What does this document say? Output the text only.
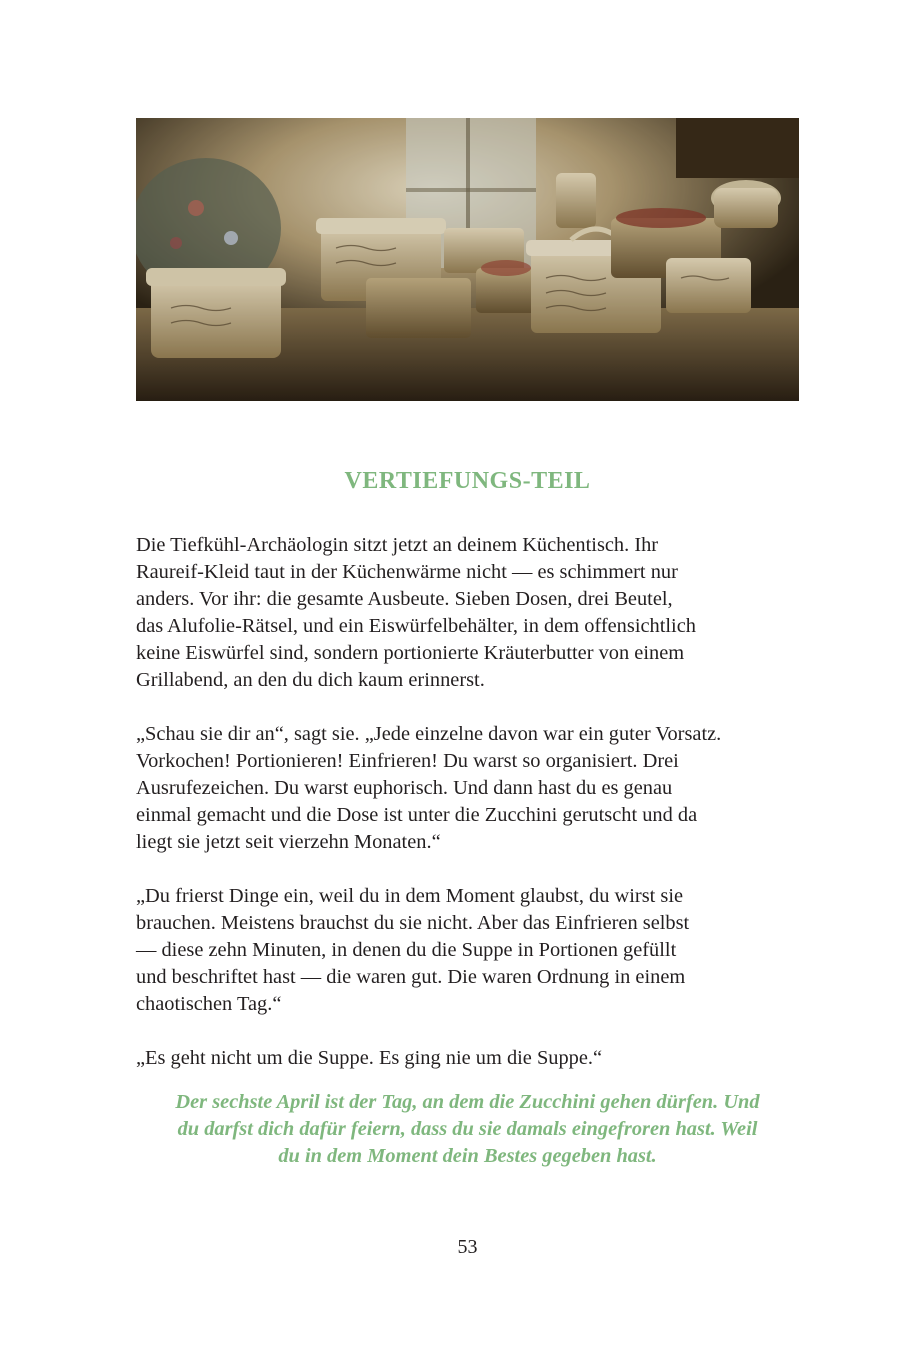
VERTIEFUNGS-TEIL

Die Tiefkühl-Archäologin sitzt jetzt an deinem Küchentisch. Ihr
Raureif-Kleid taut in der Küchenwärme nicht — es schimmert nur
anders. Vor ihr: die gesamte Ausbeute. Sieben Dosen, drei Beutel,
das Alufolie-Rätsel, und ein Eiswürfelbehälter, in dem offensichtlich
keine Eiswürfel sind, sondern portionierte Kräuterbutter von einem
Grillabend, an den du dich kaum erinnerst.

„Schau sie dir an“, sagt sie. „Jede einzelne davon war ein guter Vorsatz.
Vorkochen! Portionieren! Einfrieren! Du warst so organisiert. Drei
Ausrufezeichen. Du warst euphorisch. Und dann hast du es genau
einmal gemacht und die Dose ist unter die Zucchini gerutscht und da
liegt sie jetzt seit vierzehn Monaten.“

„Du frierst Dinge ein, weil du in dem Moment glaubst, du wirst sie
brauchen. Meistens brauchst du sie nicht. Aber das Einfrieren selbst
— diese zehn Minuten, in denen du die Suppe in Portionen gefüllt
und beschriftet hast — die waren gut. Die waren Ordnung in einem
chaotischen Tag.“

„Es geht nicht um die Suppe. Es ging nie um die Suppe.“

Der sechste April ist der Tag, an dem die Zucchini gehen dürfen. Und
du darfst dich dafür feiern, dass du sie damals eingefroren hast. Weil
du in dem Moment dein Bestes gegeben hast.
53
